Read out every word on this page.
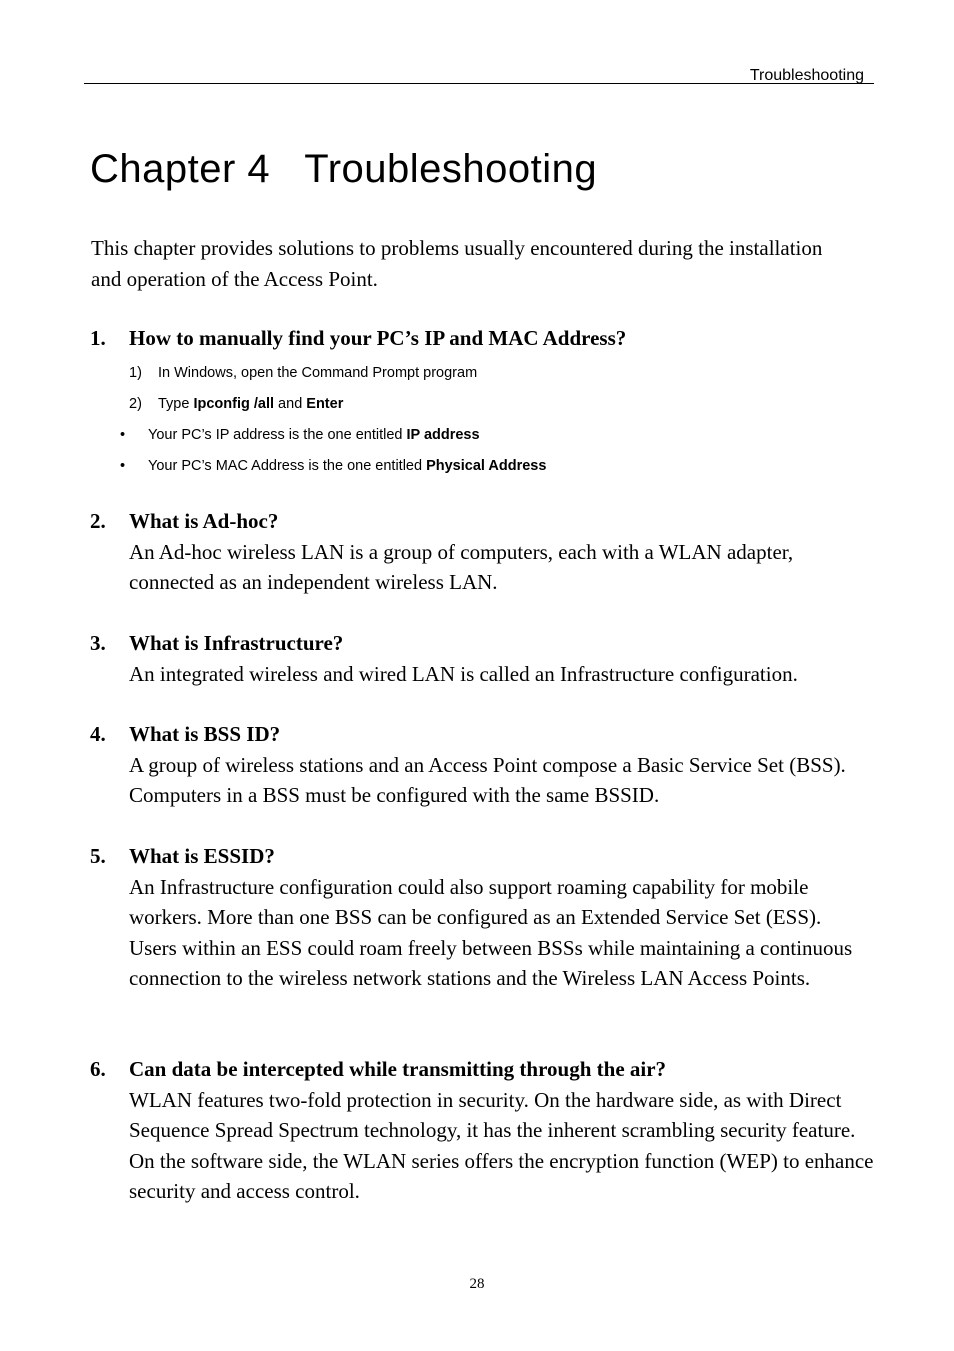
Troubleshooting
Chapter 4   Troubleshooting

This chapter provides solutions to problems usually encountered during the installation and operation of the Access Point.

1.	How to manually find your PC’s IP and MAC Address?
1)	In Windows, open the Command Prompt program
2)	Type Ipconfig /all and Enter
•	Your PC’s IP address is the one entitled IP address
•	Your PC’s MAC Address is the one entitled Physical Address
2.	What is Ad-hoc?

An Ad-hoc wireless LAN is a group of computers, each with a WLAN adapter, connected as an independent wireless LAN.

3.	What is Infrastructure?

An integrated wireless and wired LAN is called an Infrastructure configuration.

4.	What is BSS ID?

A group of wireless stations and an Access Point compose a Basic Service Set (BSS). Computers in a BSS must be configured with the same BSSID.

5.	What is ESSID?

An Infrastructure configuration could also support roaming capability for mobile workers. More than one BSS can be configured as an Extended Service Set (ESS). Users within an ESS could roam freely between BSSs while maintaining a continuous connection to the wireless network stations and the Wireless LAN Access Points.

6.	Can data be intercepted while transmitting through the air?

WLAN features two-fold protection in security. On the hardware side, as with Direct Sequence Spread Spectrum technology, it has the inherent scrambling security feature. On the software side, the WLAN series offers the encryption function (WEP) to enhance security and access control.

28
